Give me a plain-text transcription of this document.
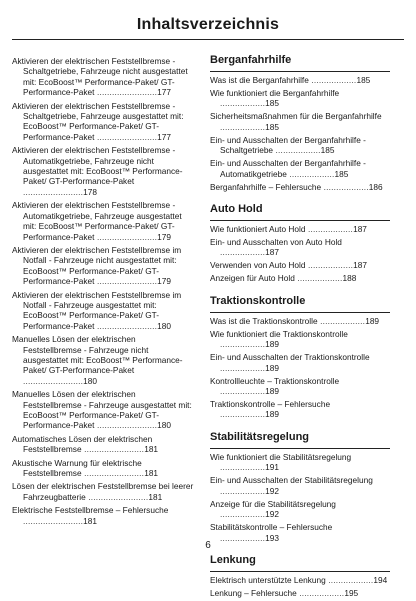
Inhaltsverzeichnis
Aktivieren der elektrischen Feststellbremse - Schaltgetriebe, Fahrzeuge nicht ausgestattet mit: EcoBoost™ Performance-Paket/ GT-Performance-Paket ........................177
Aktivieren der elektrischen Feststellbremse - Schaltgetriebe, Fahrzeuge ausgestattet mit: EcoBoost™ Performance-Paket/ GT-Performance-Paket ........................177
Aktivieren der elektrischen Feststellbremse - Automatikgetriebe, Fahrzeuge nicht ausgestattet mit: EcoBoost™ Performance-Paket/ GT-Performance-Paket ........................178
Aktivieren der elektrischen Feststellbremse - Automatikgetriebe, Fahrzeuge ausgestattet mit: EcoBoost™ Performance-Paket/ GT-Performance-Paket ........................179
Aktivieren der elektrischen Feststellbremse im Notfall - Fahrzeuge nicht ausgestattet mit: EcoBoost™ Performance-Paket/ GT-Performance-Paket ........................179
Aktivieren der elektrischen Feststellbremse im Notfall - Fahrzeuge ausgestattet mit: EcoBoost™ Performance-Paket/ GT-Performance-Paket ........................180
Manuelles Lösen der elektrischen Feststellbremse - Fahrzeuge nicht ausgestattet mit: EcoBoost™ Performance-Paket/ GT-Performance-Paket ........................180
Manuelles Lösen der elektrischen Feststellbremse - Fahrzeuge ausgestattet mit: EcoBoost™ Performance-Paket/ GT-Performance-Paket ........................180
Automatisches Lösen der elektrischen Feststellbremse ........................181
Akustische Warnung für elektrische Feststellbremse ........................181
Lösen der elektrischen Feststellbremse bei leerer Fahrzeugbatterie ........................181
Elektrische Feststellbremse – Fehlersuche ........................181
Berganfahrhilfe
Was ist die Berganfahrhilfe ..................185
Wie funktioniert die Berganfahrhilfe ..................185
Sicherheitsmaßnahmen für die Berganfahrhilfe ..................185
Ein- und Ausschalten der Berganfahrhilfe - Schaltgetriebe ..................185
Ein- und Ausschalten der Berganfahrhilfe - Automatikgetriebe ..................185
Berganfahrhilfe – Fehlersuche ..................186
Auto Hold
Wie funktioniert Auto Hold ..................187
Ein- und Ausschalten von Auto Hold ..................187
Verwenden von Auto Hold ..................187
Anzeigen für Auto Hold ..................188
Traktionskontrolle
Was ist die Traktionskontrolle ..................189
Wie funktioniert die Traktionskontrolle ..................189
Ein- und Ausschalten der Traktionskontrolle ..................189
Kontrollleuchte – Traktionskontrolle ..................189
Traktionskontrolle – Fehlersuche ..................189
Stabilitätsregelung
Wie funktioniert die Stabilitätsregelung ..................191
Ein- und Ausschalten der Stabilitätsregelung ..................192
Anzeige für die Stabilitätsregelung ..................192
Stabilitätskontrolle – Fehlersuche ..................193
Lenkung
Elektrisch unterstützte Lenkung ..................194
Lenkung – Fehlersuche ..................195
6
